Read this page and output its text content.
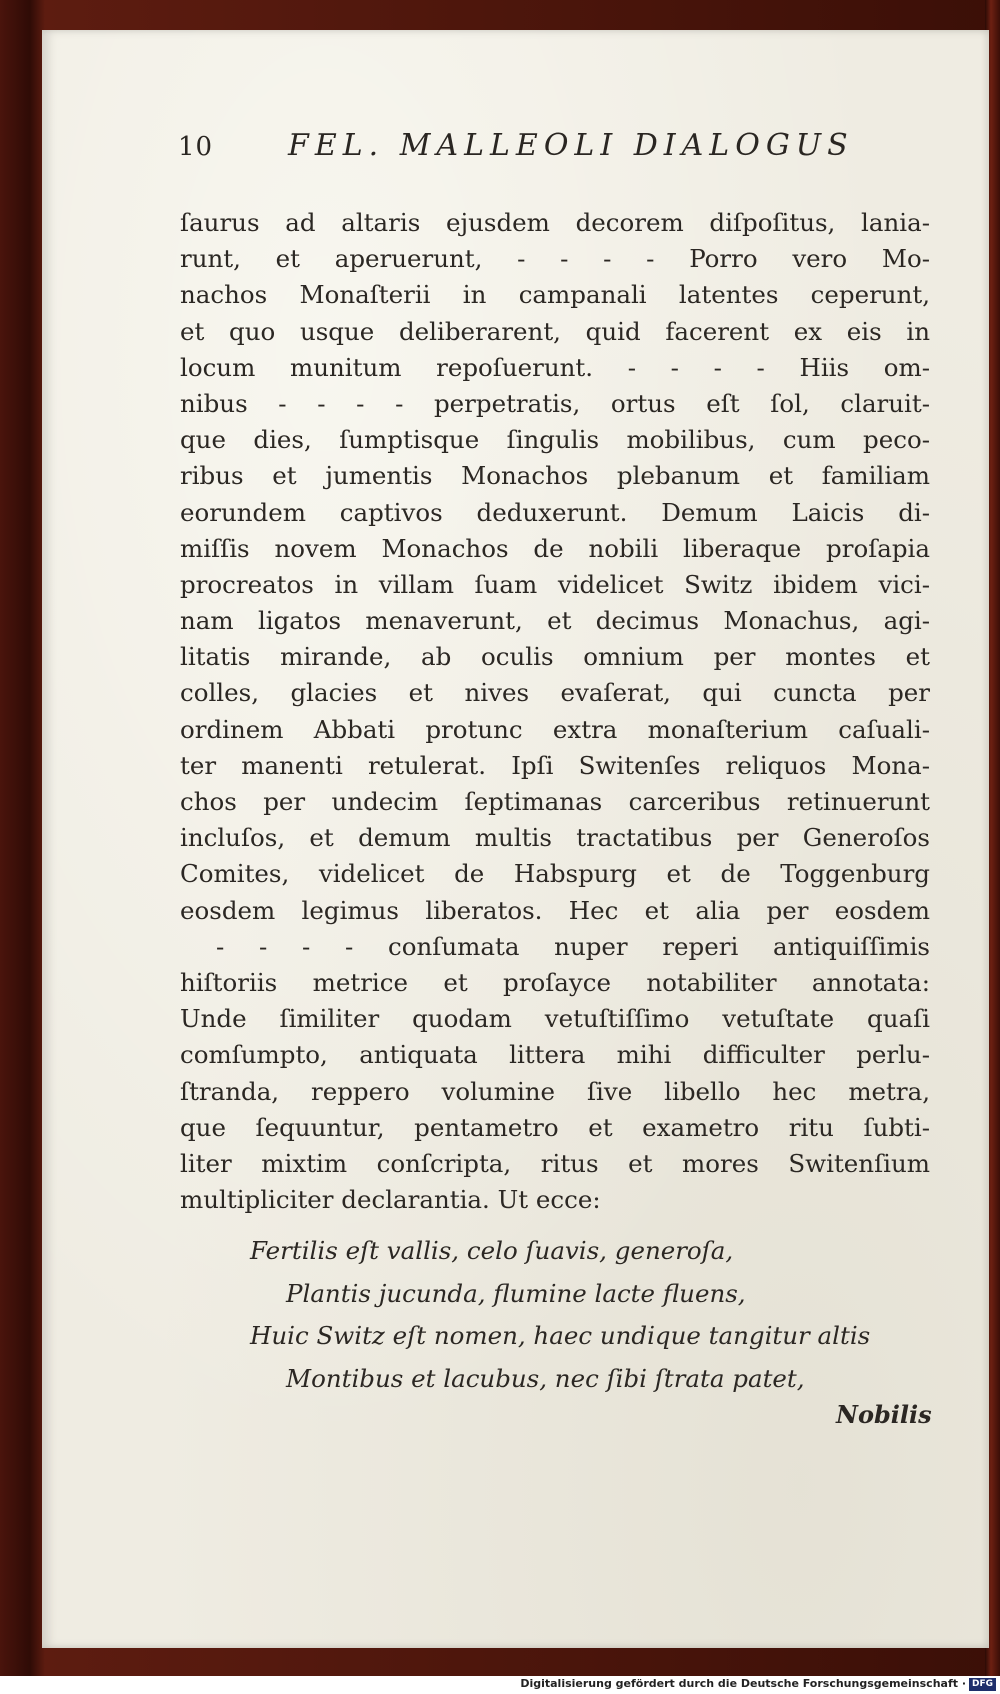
10 FEL. MALLEOLI DIALOGUS
ſaurus ad altaris ejusdem decorem diſpoſitus, lania-
runt, et aperuerunt, - - - - Porro vero Mo-
nachos Monaſterii in campanali latentes ceperunt,
et quo usque deliberarent, quid facerent ex eis in
locum munitum repoſuerunt. - - - - Hiis om-
nibus - - - - perpetratis, ortus eſt ſol, claruit-
que dies, ſumptisque ſingulis mobilibus, cum peco-
ribus et jumentis Monachos plebanum et familiam
eorundem captivos deduxerunt. Demum Laicis di-
miſſis novem Monachos de nobili liberaque proſapia
procreatos in villam ſuam videlicet Switz ibidem vici-
nam ligatos menaverunt, et decimus Monachus, agi-
litatis mirande, ab oculis omnium per montes et
colles, glacies et nives evaſerat, qui cuncta per
ordinem Abbati protunc extra monaſterium caſuali-
ter manenti retulerat. Ipſi Switenſes reliquos Mona-
chos per undecim ſeptimanas carceribus retinuerunt
incluſos, et demum multis tractatibus per Generoſos
Comites, videlicet de Habspurg et de Toggenburg
eosdem legimus liberatos. Hec et alia per eosdem
- - - - conſumata nuper reperi antiquiſſimis
hiſtoriis metrice et proſayce notabiliter annotata:
Unde ſimiliter quodam vetuſtiſſimo vetuſtate quaſi
comſumpto, antiquata littera mihi difficulter perlu-
ſtranda, reppero volumine ſive libello hec metra,
que ſequuntur, pentametro et exametro ritu ſubti-
liter mixtim conſcripta, ritus et mores Switenſium
multipliciter declarantia. Ut ecce:
Fertilis eſt vallis, celo ſuavis, generoſa,
Plantis jucunda, flumine lacte fluens,
Huic Switz eſt nomen, haec undique tangitur altis
Montibus et lacubus, nec ſibi ſtrata patet,
Nobilis
Digitalisierung gefördert durch die Deutsche Forschungsgemeinschaft · DFG
